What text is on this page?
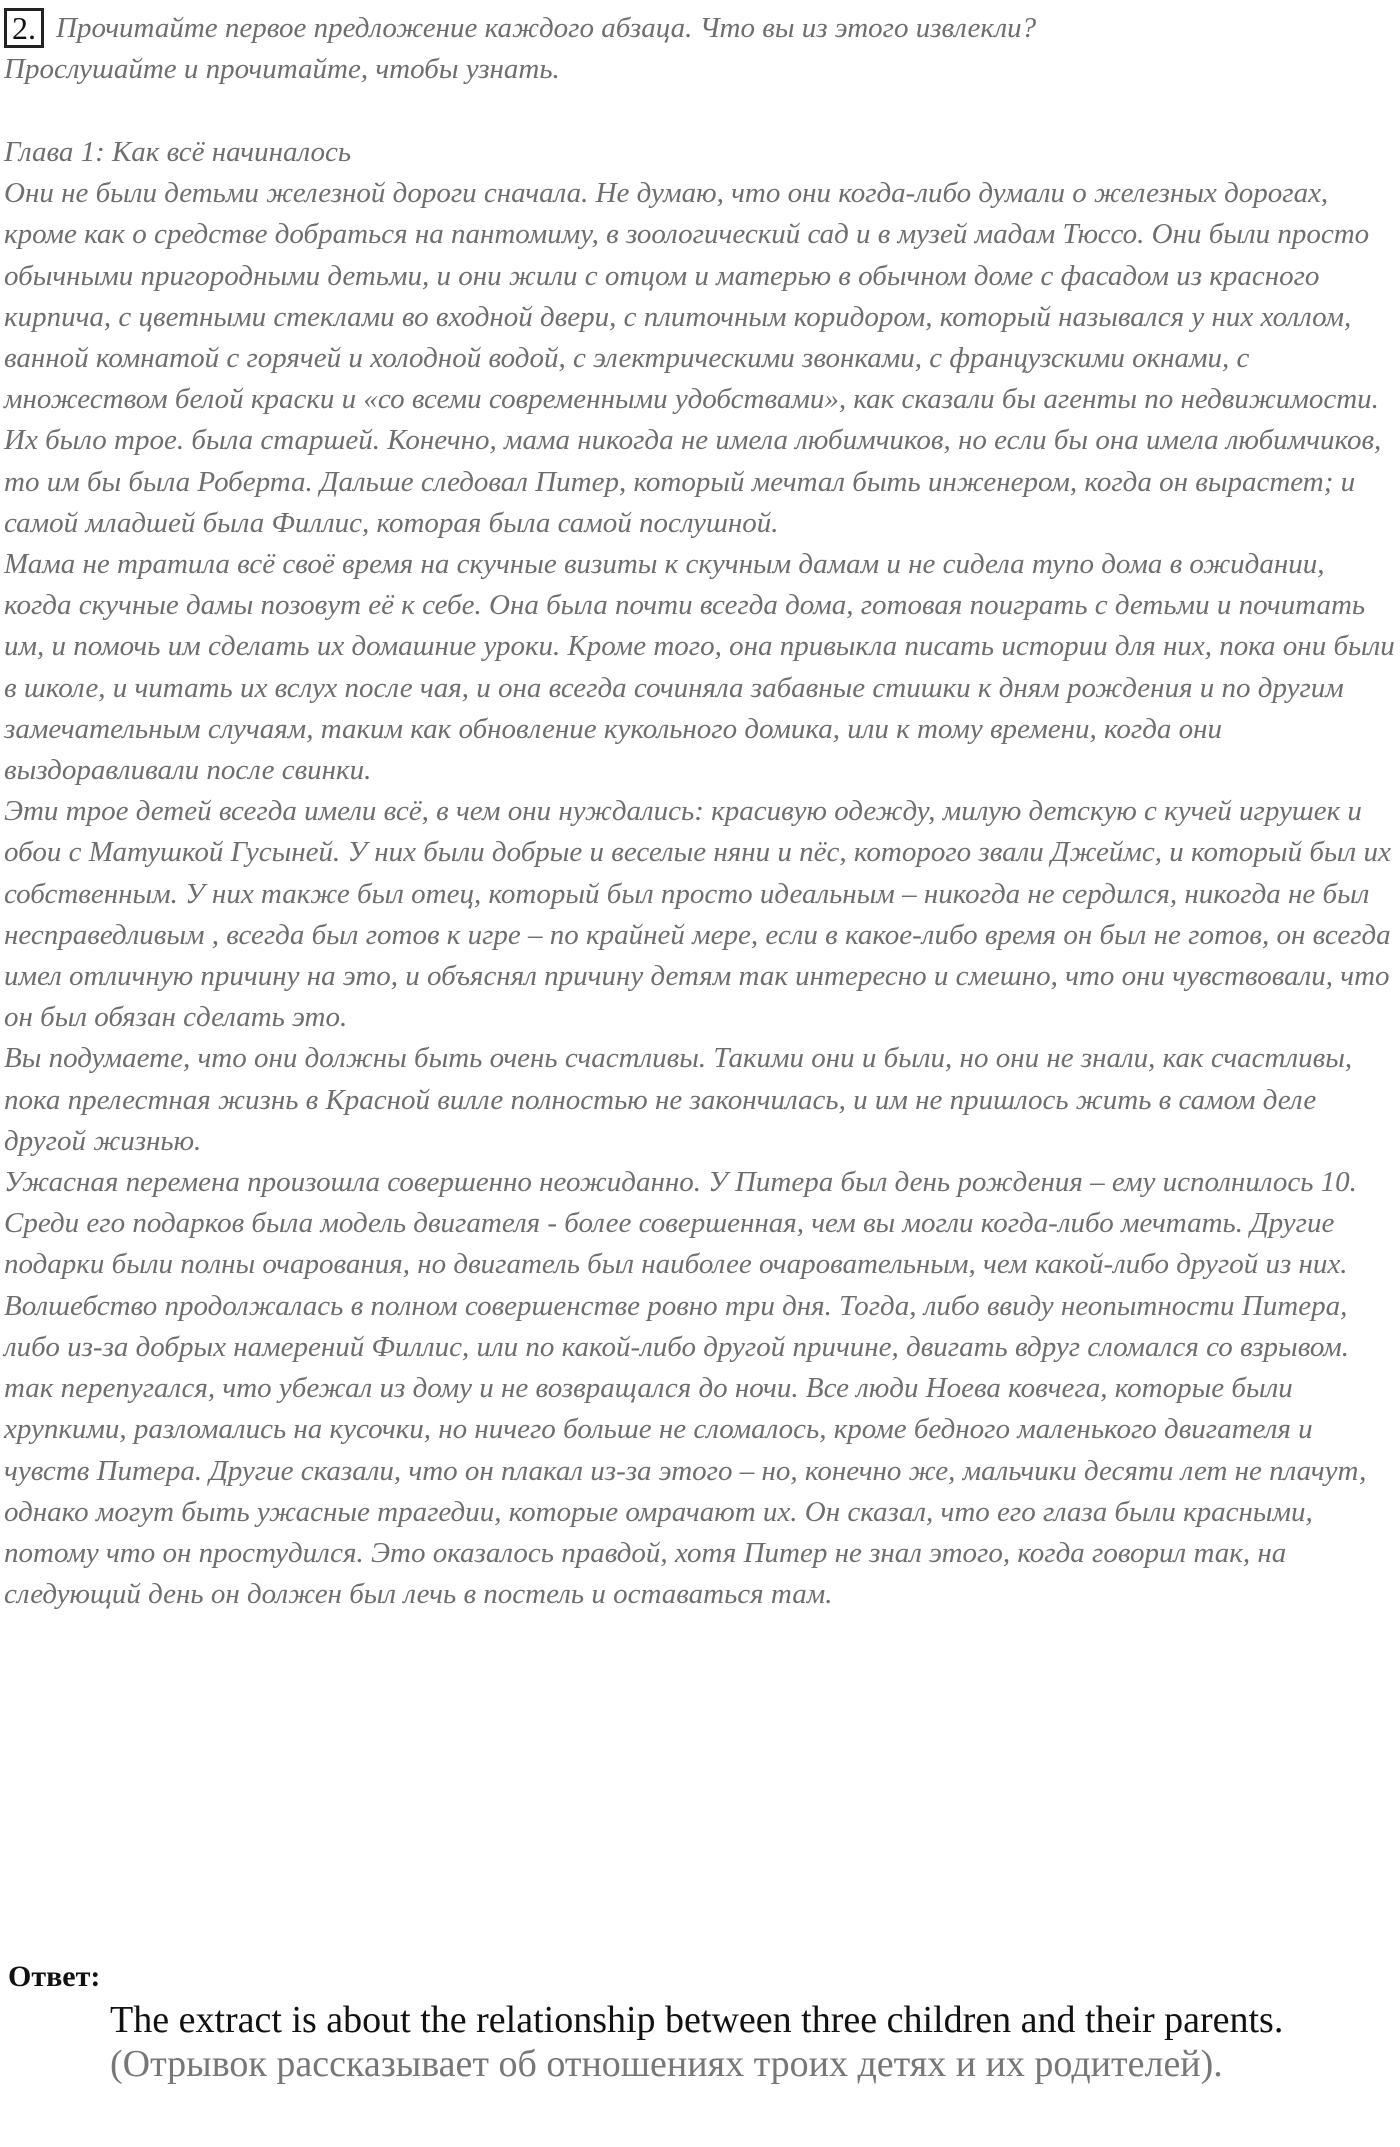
2. Прочитайте первое предложение каждого абзаца. Что вы из этого извлекли?
Прослушайте и прочитайте, чтобы узнать.

Глава 1: Как всё начиналось

Они не были детьми железной дороги сначала. Не думаю, что они когда-либо думали о железных дорогах, кроме как о средстве добраться на пантомиму, в зоологический сад и в музей мадам Тюссо. Они были просто обычными пригородными детьми, и они жили с отцом и матерью в обычном доме с фасадом из красного кирпича, с цветными стеклами во входной двери, с плиточным коридором, который назывался у них холлом, ванной комнатой с горячей и холодной водой, с электрическими звонками, с французскими окнами, с множеством белой краски и «со всеми современными удобствами», как сказали бы агенты по недвижимости. Их было трое. была старшей. Конечно, мама никогда не имела любимчиков, но если бы она имела любимчиков, то им бы была Роберта. Дальше следовал Питер, который мечтал быть инженером, когда он вырастет; и самой младшей была Филлис, которая была самой послушной.

Мама не тратила всё своё время на скучные визиты к скучным дамам и не сидела тупо дома в ожидании, когда скучные дамы позовут её к себе. Она была почти всегда дома, готовая поиграть с детьми и почитать им, и помочь им сделать их домашние уроки. Кроме того, она привыкла писать истории для них, пока они были в школе, и читать их вслух после чая, и она всегда сочиняла забавные стишки к дням рождения и по другим замечательным случаям, таким как обновление кукольного домика, или к тому времени, когда они выздоравливали после свинки.

Эти трое детей всегда имели всё, в чем они нуждались: красивую одежду, милую детскую с кучей игрушек и обои с Матушкой Гусыней. У них были добрые и веселые няни и пёс, которого звали Джеймс, и который был их собственным. У них также был отец, который был просто идеальным – никогда не сердился, никогда не был несправедливым , всегда был готов к игре – по крайней мере, если в какое-либо время он был не готов, он всегда имел отличную причину на это, и объяснял причину детям так интересно и смешно, что они чувствовали, что он был обязан сделать это.

Вы подумаете, что они должны быть очень счастливы. Такими они и были, но они не знали, как счастливы, пока прелестная жизнь в Красной вилле полностью не закончилась, и им не пришлось жить в самом деле другой жизнью.

Ужасная перемена произошла совершенно неожиданно. У Питера был день рождения – ему исполнилось 10. Среди его подарков была модель двигателя - более совершенная, чем вы могли когда-либо мечтать. Другие подарки были полны очарования, но двигатель был наиболее очаровательным, чем какой-либо другой из них.

Волшебство продолжалась в полном совершенстве ровно три дня. Тогда, либо ввиду неопытности Питера, либо из-за добрых намерений Филлис, или по какой-либо другой причине, двигать вдруг сломался со взрывом. так перепугался, что убежал из дому и не возвращался до ночи. Все люди Ноева ковчега, которые были хрупкими, разломались на кусочки, но ничего больше не сломалось, кроме бедного маленького двигателя и чувств Питера. Другие сказали, что он плакал из-за этого – но, конечно же, мальчики десяти лет не плачут, однако могут быть ужасные трагедии, которые омрачают их. Он сказал, что его глаза были красными, потому что он простудился. Это оказалось правдой, хотя Питер не знал этого, когда говорил так, на следующий день он должен был лечь в постель и оставаться там.

Ответ:

The extract is about the relationship between three children and their parents.

(Отрывок рассказывает об отношениях троих детях и их родителей).
